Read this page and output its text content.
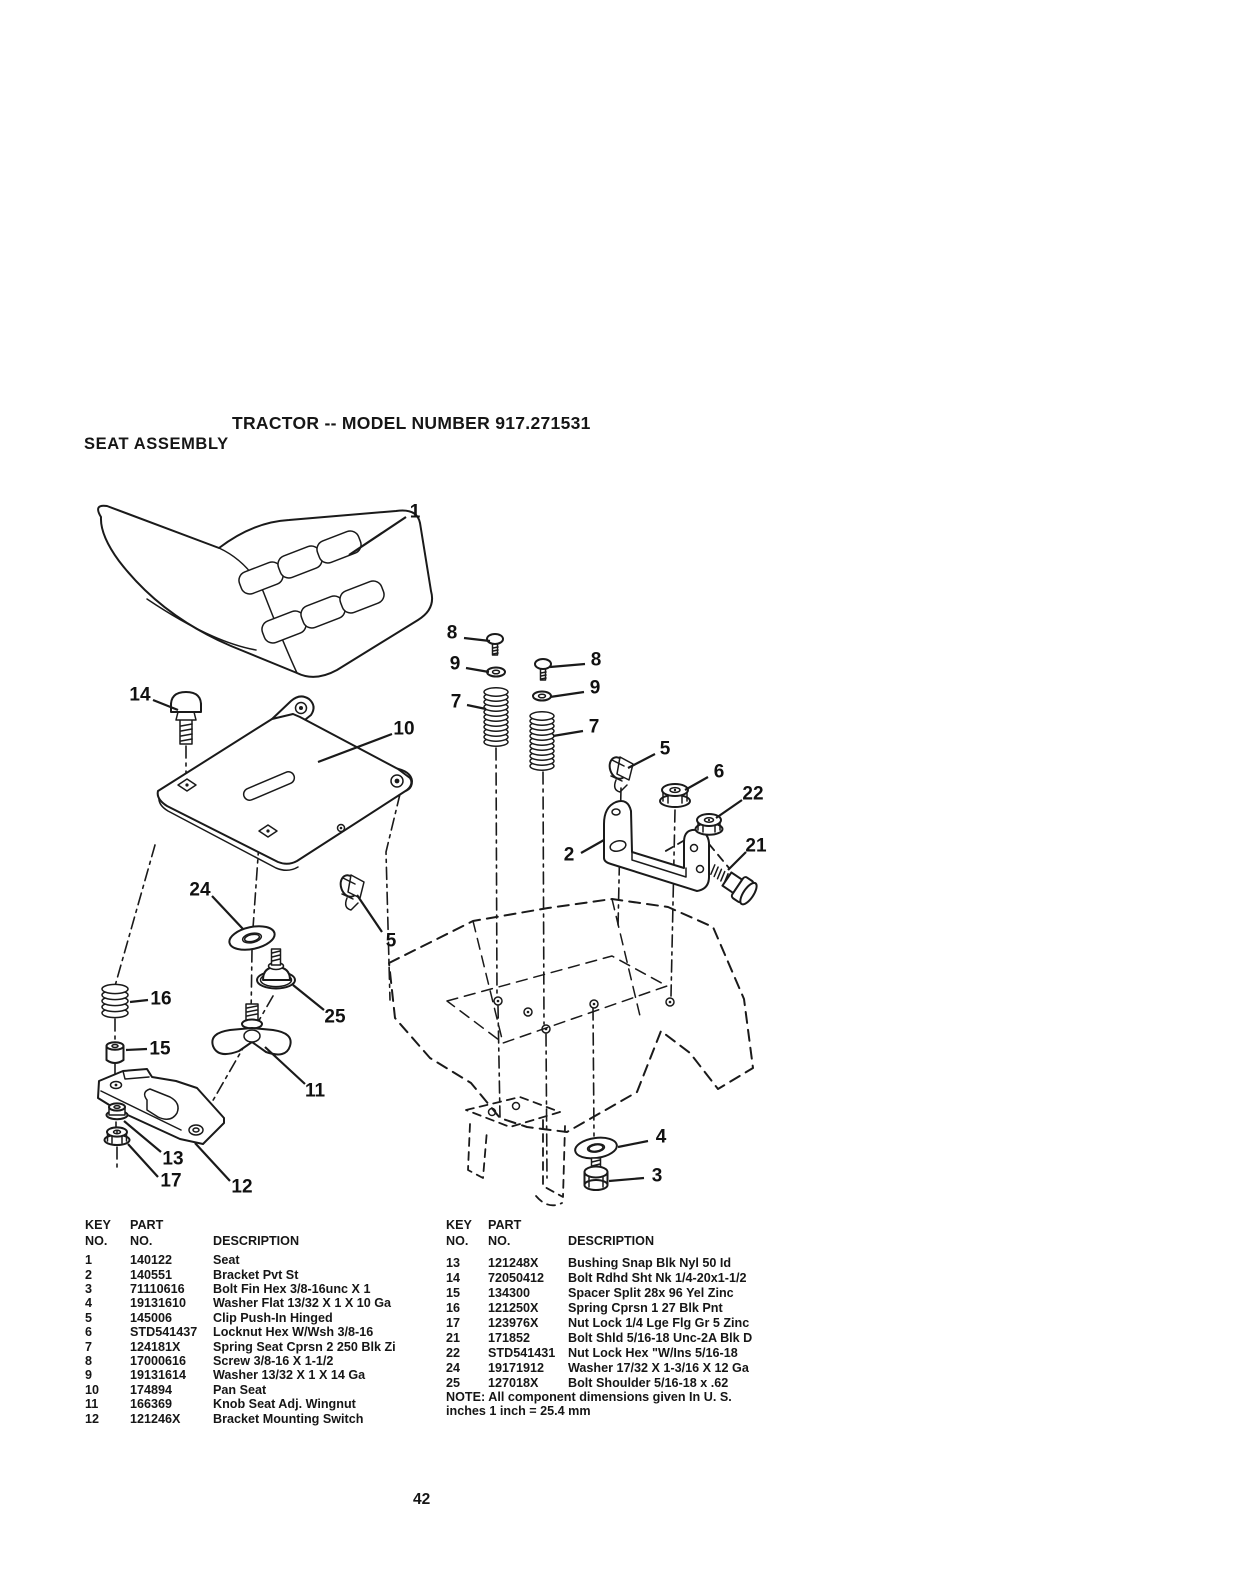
TRACTOR -- MODEL NUMBER 917.271531
SEAT ASSEMBLY
1
14
10
8
9
7
8
9
7
5
6
22
2	21
24
5
16
25
15
11
13
17	12
4
3
KEY	PART
NO.	NO.	DESCRIPTION
1	140122	Seat
2	140551	Bracket Pvt St
3	71110616	Bolt Fin Hex 3/8-16unc X 1
4	19131610	Washer Flat 13/32 X 1 X 10 Ga
5	145006	Clip Push-In Hinged
6	STD541437	Locknut Hex W/Wsh 3/8-16
7	124181X	Spring Seat Cprsn 2 250 Blk Zi
8	17000616	Screw 3/8-16 X 1-1/2
9	19131614	Washer 13/32 X 1 X 14 Ga
10	174894	Pan Seat
11	166369	Knob Seat Adj. Wingnut
12	121246X	Bracket Mounting Switch
KEY	PART
NO.	NO.	DESCRIPTION
13	121248X	Bushing Snap Blk Nyl 50 Id
14	72050412	Bolt Rdhd Sht Nk 1/4-20x1-1/2
15	134300	Spacer Split 28x 96 Yel Zinc
16	121250X	Spring Cprsn 1 27 Blk Pnt
17	123976X	Nut Lock 1/4 Lge Flg Gr 5 Zinc
21	171852	Bolt Shld 5/16-18 Unc-2A Blk D
22	STD541431	Nut Lock Hex "W/Ins 5/16-18
24	19171912	Washer 17/32 X 1-3/16 X 12 Ga
25	127018X	Bolt Shoulder 5/16-18 x .62
NOTE: All component dimensions given In U. S.
inches 1 inch = 25.4 mm
42
